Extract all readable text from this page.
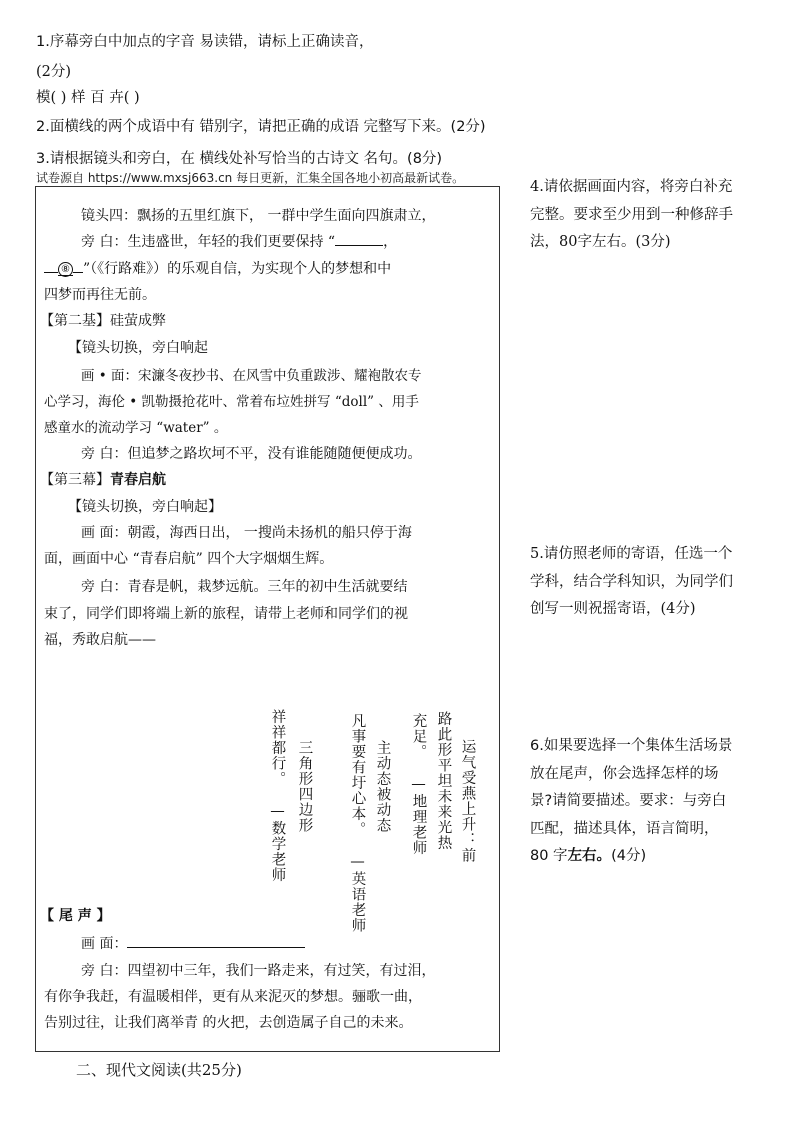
1.序幕旁白中加点的字音 易读错，请标上正确读音，
(2分)
模( ) 样 百 卉( )
2.面横线的两个成语中有 错别字，请把正确的成语 完整写下来。(2分)
3.请根据镜头和旁白，在 横线处补写恰当的古诗文 名句。(8分)
试卷源自 https://www.mxsj663.cn 每日更新，汇集全国各地小初高最新试卷。
镜头四：飘扬的五里红旗下， 一群中学生面向四旗肃立，
旁 白：生违盛世，年轻的我们更要保持 “	，
⑧ ”（《行路难》）的乐观自信，为实现个人的梦想和中
四梦而再往无前。
【第二基】硅萤成弊
【镜头切换，旁白响起
画 • 面：宋濂冬夜抄书、在风雪中负重跋涉、耀袍散农专
心学习，海伦 • 凯勒摄抢花叶、常着布垃姓拼写 “doll” 、用手
感童水的流动学习 “water” 。
旁 白：但追梦之路坎坷不平，没有谁能随随便便成功。
【第三幕】青春启航
【镜头切换，旁白响起】
画 面：朝霞，海西日出， 一搜尚未扬机的船只停于海
面，画面中心 “青春启航” 四个大字烟烟生辉。
旁 白：青春是帆，栽梦远航。三年的初中生活就要结
束了，同学们即将端上新的旅程，请带上老师和同学们的视
福，秀敢启航——
运气受燕上升：前
路此形平坦未来光热
充足。 —地理老师
主动态被动态
凡事要有圩心本。 —英语老师
三角形四边形
祥祥都行。 —数学老师
【 尾 声 】
画 面：
旁 白：四望初中三年，我们一路走来，有过笑，有过泪，
有你争我赶，有温暖相伴，更有从来泥灭的梦想。骊歌一曲，
告别过往，让我们离举青 的火把，去创造属子自己的未来。
4.请依据画面内容，将旁白补充完整。要求至少用到一种修辞手法，80字左右。(3分)
5.请仿照老师的寄语，任选一个学科，结合学科知识，为同学们创写一则祝摇寄语，(4分)
6.如果要选择一个集体生活场景放在尾声，你会选择怎样的场景?请简要描述。要求：与旁白匹配，描述具体，语言简明，80 字左右。(4分)
二、现代文阅读(共25分)
